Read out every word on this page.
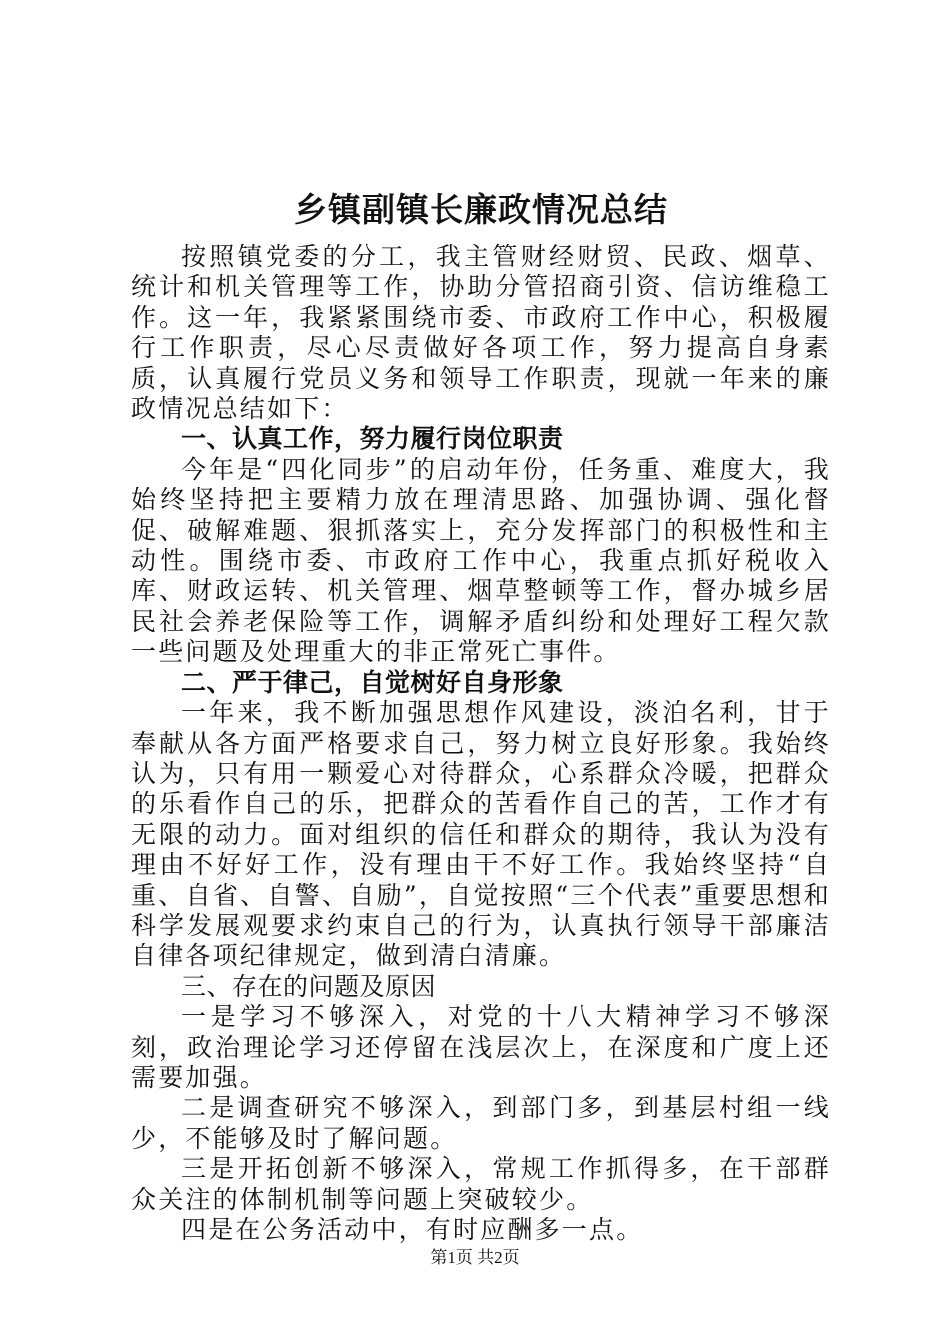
乡镇副镇长廉政情况总结

按照镇党委的分工，我主管财经财贸、民政、烟草、统计和机关管理等工作，协助分管招商引资、信访维稳工作。这一年，我紧紧围绕市委、市政府工作中心，积极履行工作职责，尽心尽责做好各项工作，努力提高自身素质，认真履行党员义务和领导工作职责，现就一年来的廉政情况总结如下：

一、认真工作，努力履行岗位职责

今年是“四化同步”的启动年份，任务重、难度大，我始终坚持把主要精力放在理清思路、加强协调、强化督促、破解难题、狠抓落实上，充分发挥部门的积极性和主动性。围绕市委、市政府工作中心，我重点抓好税收入库、财政运转、机关管理、烟草整顿等工作，督办城乡居民社会养老保险等工作，调解矛盾纠纷和处理好工程欠款一些问题及处理重大的非正常死亡事件。

二、严于律己，自觉树好自身形象

一年来，我不断加强思想作风建设，淡泊名利，甘于奉献从各方面严格要求自己，努力树立良好形象。我始终认为，只有用一颗爱心对待群众，心系群众冷暖，把群众的乐看作自己的乐，把群众的苦看作自己的苦，工作才有无限的动力。面对组织的信任和群众的期待，我认为没有理由不好好工作，没有理由干不好工作。我始终坚持“自重、自省、自警、自励”，自觉按照“三个代表”重要思想和科学发展观要求约束自己的行为，认真执行领导干部廉洁自律各项纪律规定，做到清白清廉。

三、存在的问题及原因

一是学习不够深入，对党的十八大精神学习不够深刻，政治理论学习还停留在浅层次上，在深度和广度上还需要加强。

二是调查研究不够深入，到部门多，到基层村组一线少，不能够及时了解问题。

三是开拓创新不够深入，常规工作抓得多，在干部群众关注的体制机制等问题上突破较少。

四是在公务活动中，有时应酬多一点。

第1页 共2页
